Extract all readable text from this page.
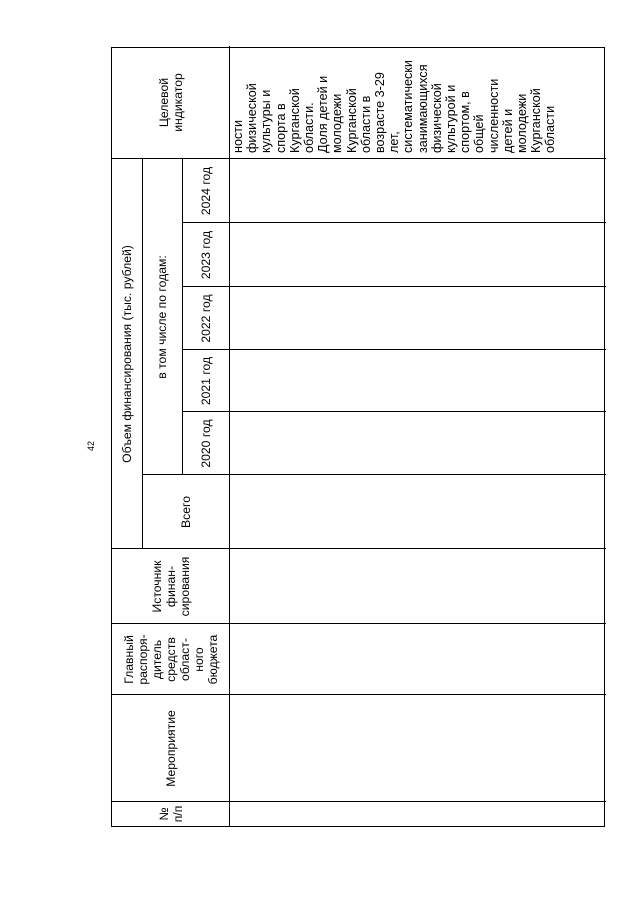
42
№
п/п
Мероприятие
Главный
распоря-
дитель
средств
област-
ного
бюджета
Источник
финан-
сирования
Объем финансирования (тыс. рублей)
Всего
в том числе по годам:
2020 год
2021 год
2022 год
2023 год
2024 год
Целевой
индикатор
ности
физической
культуры и
спорта в
Курганской
области.
Доля детей и
молодежи
Курганской
области в
возрасте 3-29
лет,
систематически
занимающихся
физической
культурой и
спортом, в
общей
численности
детей и
молодежи
Курганской
области
